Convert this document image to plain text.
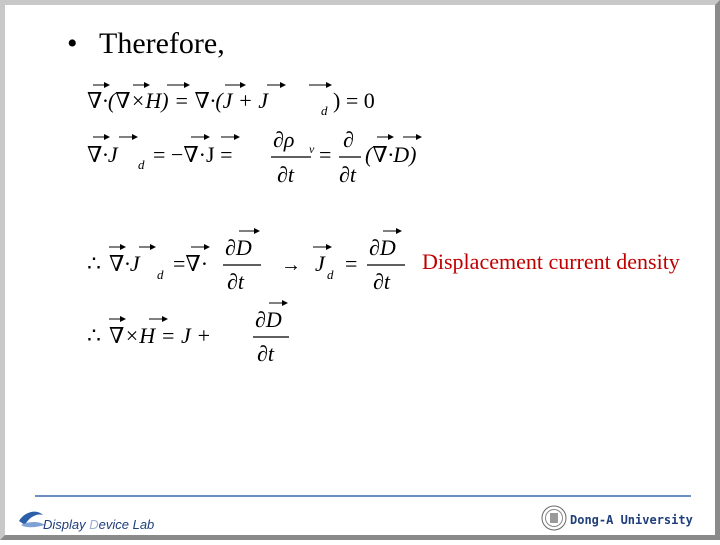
• Therefore,
∇·(∇×H) = ∇·(J + J	d ) = 0
∇·J d = −∇·J =
∂ρ v
∂t
=
∂
∂t
(∇·D)
∴ ∇·J d =∇·
∂D
∂t
→ J d =
∂D
∂t
∴ ∇×H = J +
∂D
∂t
Displacement current density
Display Device Lab	Dong-A University
